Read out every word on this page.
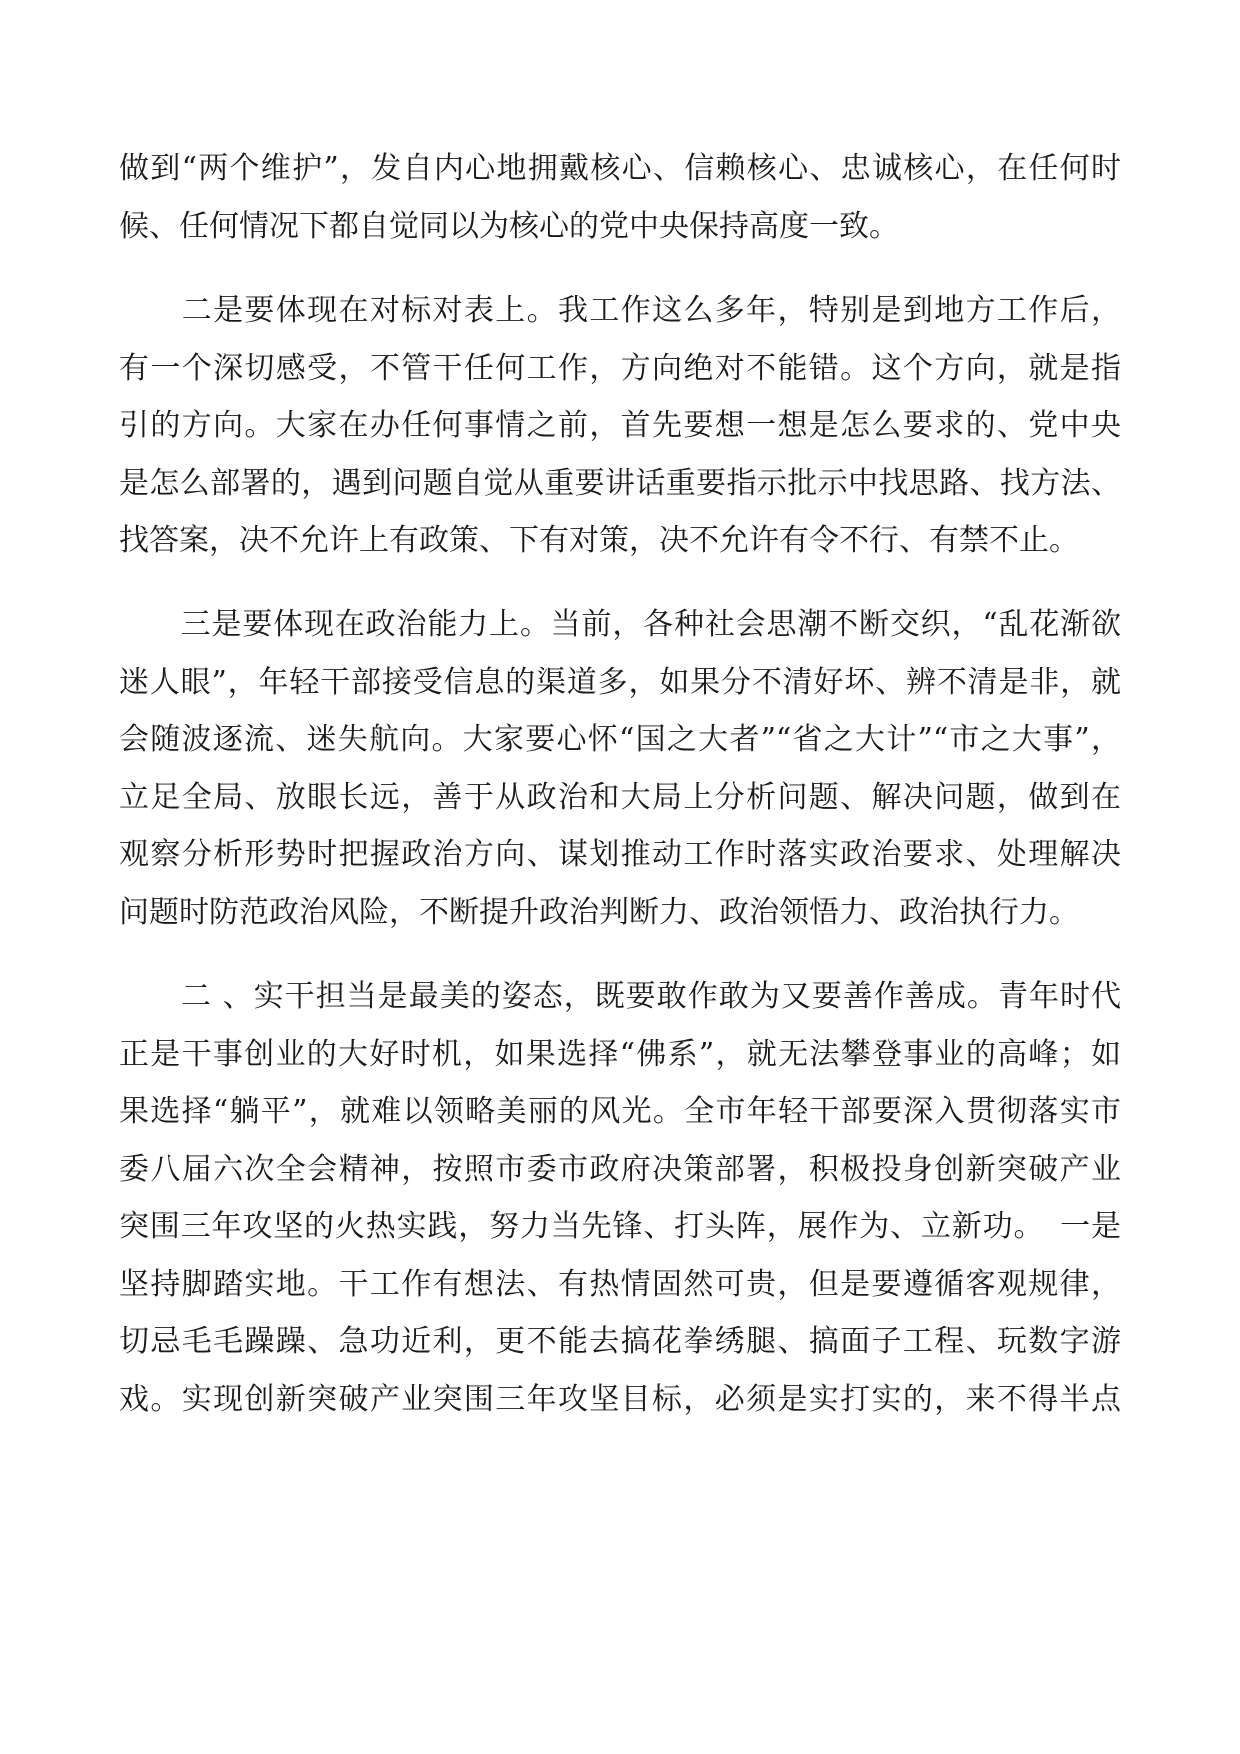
做到“两个维护”，发自内心地拥戴核心、信赖核心、忠诚核心，在任何时
候、任何情况下都自觉同以为核心的党中央保持高度一致。
　　二是要体现在对标对表上。我工作这么多年，特别是到地方工作后，
有一个深切感受，不管干任何工作，方向绝对不能错。这个方向，就是指
引的方向。大家在办任何事情之前，首先要想一想是怎么要求的、党中央
是怎么部署的，遇到问题自觉从重要讲话重要指示批示中找思路、找方法、
找答案，决不允许上有政策、下有对策，决不允许有令不行、有禁不止。
　　三是要体现在政治能力上。当前，各种社会思潮不断交织，“乱花渐欲
迷人眼”，年轻干部接受信息的渠道多，如果分不清好坏、辨不清是非，就
会随波逐流、迷失航向。大家要心怀“国之大者”“省之大计”“市之大事”，
立足全局、放眼长远，善于从政治和大局上分析问题、解决问题，做到在
观察分析形势时把握政治方向、谋划推动工作时落实政治要求、处理解决
问题时防范政治风险，不断提升政治判断力、政治领悟力、政治执行力。
　　二 、实干担当是最美的姿态，既要敢作敢为又要善作善成。青年时代
正是干事创业的大好时机，如果选择“佛系”，就无法攀登事业的高峰；如
果选择“躺平”，就难以领略美丽的风光。全市年轻干部要深入贯彻落实市
委八届六次全会精神，按照市委市政府决策部署，积极投身创新突破产业
突围三年攻坚的火热实践，努力当先锋、打头阵，展作为、立新功。　一是
坚持脚踏实地。干工作有想法、有热情固然可贵，但是要遵循客观规律，
切忌毛毛躁躁、急功近利，更不能去搞花拳绣腿、搞面子工程、玩数字游
戏。实现创新突破产业突围三年攻坚目标，必须是实打实的，来不得半点
